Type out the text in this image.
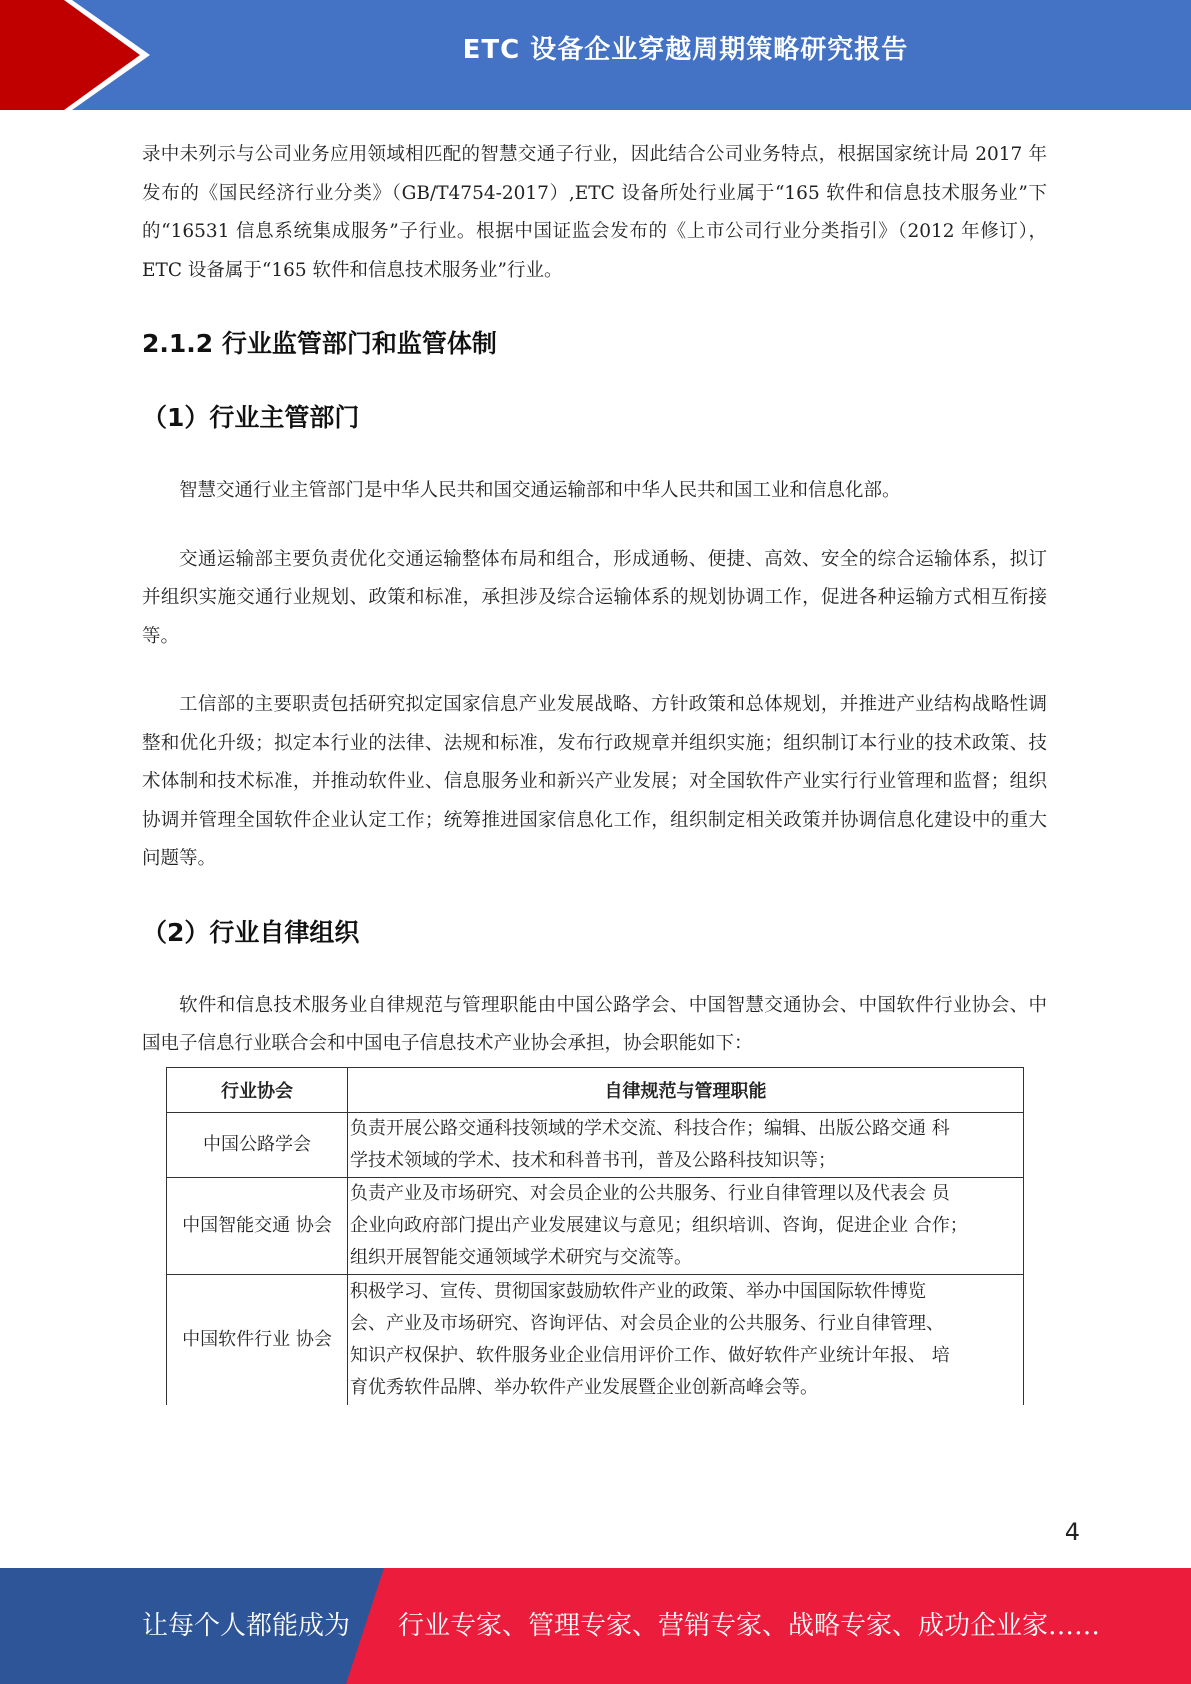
ETC 设备企业穿越周期策略研究报告

录中未列示与公司业务应用领域相匹配的智慧交通子行业，因此结合公司业务特点，根据国家统计局 2017 年发布的《国民经济行业分类》（GB/T4754-2017）,ETC 设备所处行业属于“165 软件和信息技术服务业”下的“16531 信息系统集成服务”子行业。根据中国证监会发布的《上市公司行业分类指引》（2012 年修订），ETC 设备属于“165 软件和信息技术服务业”行业。

2.1.2 行业监管部门和监管体制
（1）行业主管部门

智慧交通行业主管部门是中华人民共和国交通运输部和中华人民共和国工业和信息化部。

交通运输部主要负责优化交通运输整体布局和组合，形成通畅、便捷、高效、安全的综合运输体系，拟订并组织实施交通行业规划、政策和标准，承担涉及综合运输体系的规划协调工作，促进各种运输方式相互衔接等。

工信部的主要职责包括研究拟定国家信息产业发展战略、方针政策和总体规划，并推进产业结构战略性调整和优化升级；拟定本行业的法律、法规和标准，发布行政规章并组织实施；组织制订本行业的技术政策、技术体制和技术标准，并推动软件业、信息服务业和新兴产业发展；对全国软件产业实行行业管理和监督；组织协调并管理全国软件企业认定工作；统筹推进国家信息化工作，组织制定相关政策并协调信息化建设中的重大问题等。

（2）行业自律组织

软件和信息技术服务业自律规范与管理职能由中国公路学会、中国智慧交通协会、中国软件行业协会、中国电子信息行业联合会和中国电子信息技术产业协会承担，协会职能如下：

行业协会	自律规范与管理职能
中国公路学会	负责开展公路交通科技领域的学术交流、科技合作；编辑、出版公路交通 科
学技术领域的学术、技术和科普书刊，普及公路科技知识等；

中国智能交通 协会	负责产业及市场研究、对会员企业的公共服务、行业自律管理以及代表会 员
企业向政府部门提出产业发展建议与意见；组织培训、咨询，促进企业 合作；
组织开展智能交通领域学术研究与交流等。

中国软件行业 协会	积极学习、宣传、贯彻国家鼓励软件产业的政策、举办中国国际软件博览
会、产业及市场研究、咨询评估、对会员企业的公共服务、行业自律管理、
知识产权保护、软件服务业企业信用评价工作、做好软件产业统计年报、 培
育优秀软件品牌、举办软件产业发展暨企业创新高峰会等。
4
让每个人都能成为 行业专家、管理专家、营销专家、战略专家、成功企业家……
